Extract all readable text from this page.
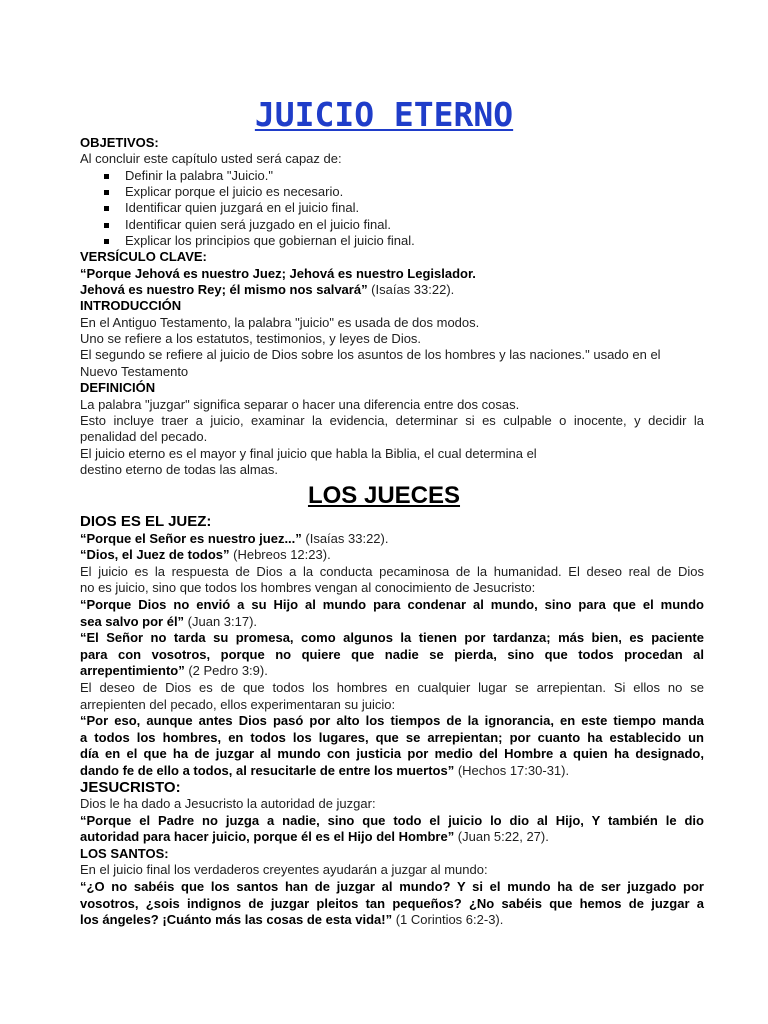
JUICIO ETERNO
OBJETIVOS:
Al concluir este capítulo usted será capaz de:
Definir la palabra "Juicio."
Explicar porque el juicio es necesario.
Identificar quien juzgará en el juicio final.
Identificar quien será juzgado en el juicio final.
Explicar los principios que gobiernan el juicio final.
VERSÍCULO CLAVE:
“Porque Jehová es nuestro Juez; Jehová es nuestro Legislador.
Jehová es nuestro Rey; él mismo nos salvará” (Isaías 33:22).
INTRODUCCIÓN
En el Antiguo Testamento, la palabra "juicio" es usada de dos modos.
Uno se refiere a los estatutos, testimonios, y leyes de Dios.
El segundo se refiere al juicio de Dios sobre los asuntos de los hombres y las naciones." usado en el
Nuevo Testamento
DEFINICIÓN
La palabra "juzgar" significa separar o hacer una diferencia entre dos cosas.
Esto incluye traer a juicio, examinar la evidencia, determinar si es culpable o inocente, y decidir la
penalidad del pecado.
El juicio eterno es el mayor y final juicio que habla la Biblia, el cual determina el
destino eterno de todas las almas.
LOS JUECES
DIOS ES EL JUEZ:
“Porque el Señor es nuestro juez...” (Isaías 33:22).
“Dios, el Juez de todos” (Hebreos 12:23).
El juicio es la respuesta de Dios a la conducta pecaminosa de la humanidad. El deseo real de Dios
no es juicio, sino que todos los hombres vengan al conocimiento de Jesucristo:
“Porque Dios no envió a su Hijo al mundo para condenar al mundo, sino para que el mundo
sea salvo por él” (Juan 3:17).
“El Señor no tarda su promesa, como algunos la tienen por tardanza; más bien, es paciente
para con vosotros, porque no quiere que nadie se pierda, sino que todos procedan al
arrepentimiento” (2 Pedro 3:9).
El deseo de Dios es de que todos los hombres en cualquier lugar se arrepientan. Si ellos no se
arrepienten del pecado, ellos experimentaran su juicio:
“Por eso, aunque antes Dios pasó por alto los tiempos de la ignorancia, en este tiempo manda
a todos los hombres, en todos los lugares, que se arrepientan; por cuanto ha establecido un
día en el que ha de juzgar al mundo con justicia por medio del Hombre a quien ha designado,
dando fe de ello a todos, al resucitarle de entre los muertos” (Hechos 17:30-31).
JESUCRISTO:
Dios le ha dado a Jesucristo la autoridad de juzgar:
“Porque el Padre no juzga a nadie, sino que todo el juicio lo dio al Hijo, Y también le dio
autoridad para hacer juicio, porque él es el Hijo del Hombre” (Juan 5:22, 27).
LOS SANTOS:
En el juicio final los verdaderos creyentes ayudarán a juzgar al mundo:
“¿O no sabéis que los santos han de juzgar al mundo? Y si el mundo ha de ser juzgado por
vosotros, ¿sois indignos de juzgar pleitos tan pequeños? ¿No sabéis que hemos de juzgar a
los ángeles? ¡Cuánto más las cosas de esta vida!” (1 Corintios 6:2-3).
